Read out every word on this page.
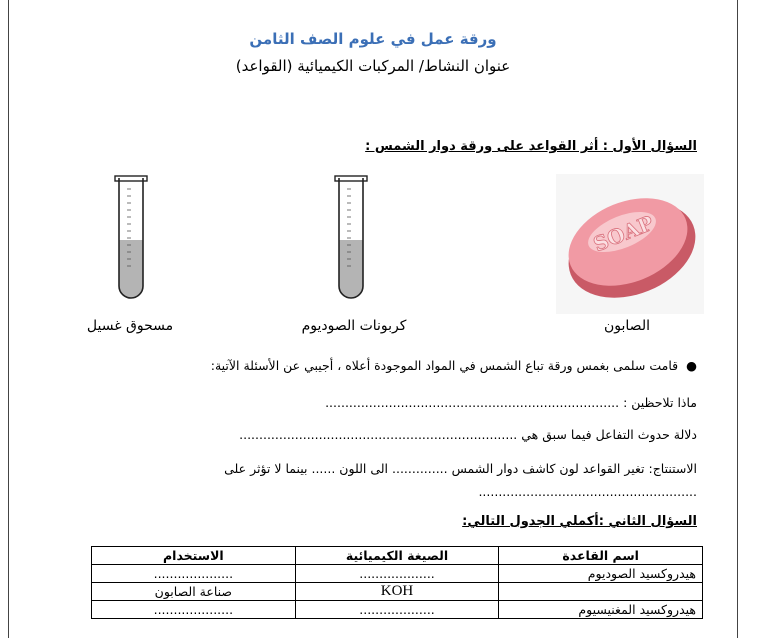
ورقة عمل في علوم الصف الثامن
عنوان النشاط/ المركبات الكيميائية (القواعد)
السؤال الأول : أثر القواعد على ورقة دوار الشمس :
SOAP
الصابون
كربونات الصوديوم
مسحوق غسيل
●  قامت سلمى بغمس ورقة تباع الشمس في المواد الموجودة أعلاه ، أجيبي عن الأسئلة الآتية:
ماذا تلاحظين : ..........................................................................
دلالة حدوث التفاعل فيما سبق هي ......................................................................
الاستنتاج: تغير القواعد لون كاشف دوار الشمس .............. الى اللون ...... بينما لا تؤثر على
.......................................................
السؤال الثاني :أكملي الجدول التالي:
اسم القاعدة	الصيغة الكيميائية	الاستخدام
هيدروكسيد الصوديوم	...................	....................
	KOH	صناعة الصابون
هيدروكسيد المغنيسيوم	...................	....................
